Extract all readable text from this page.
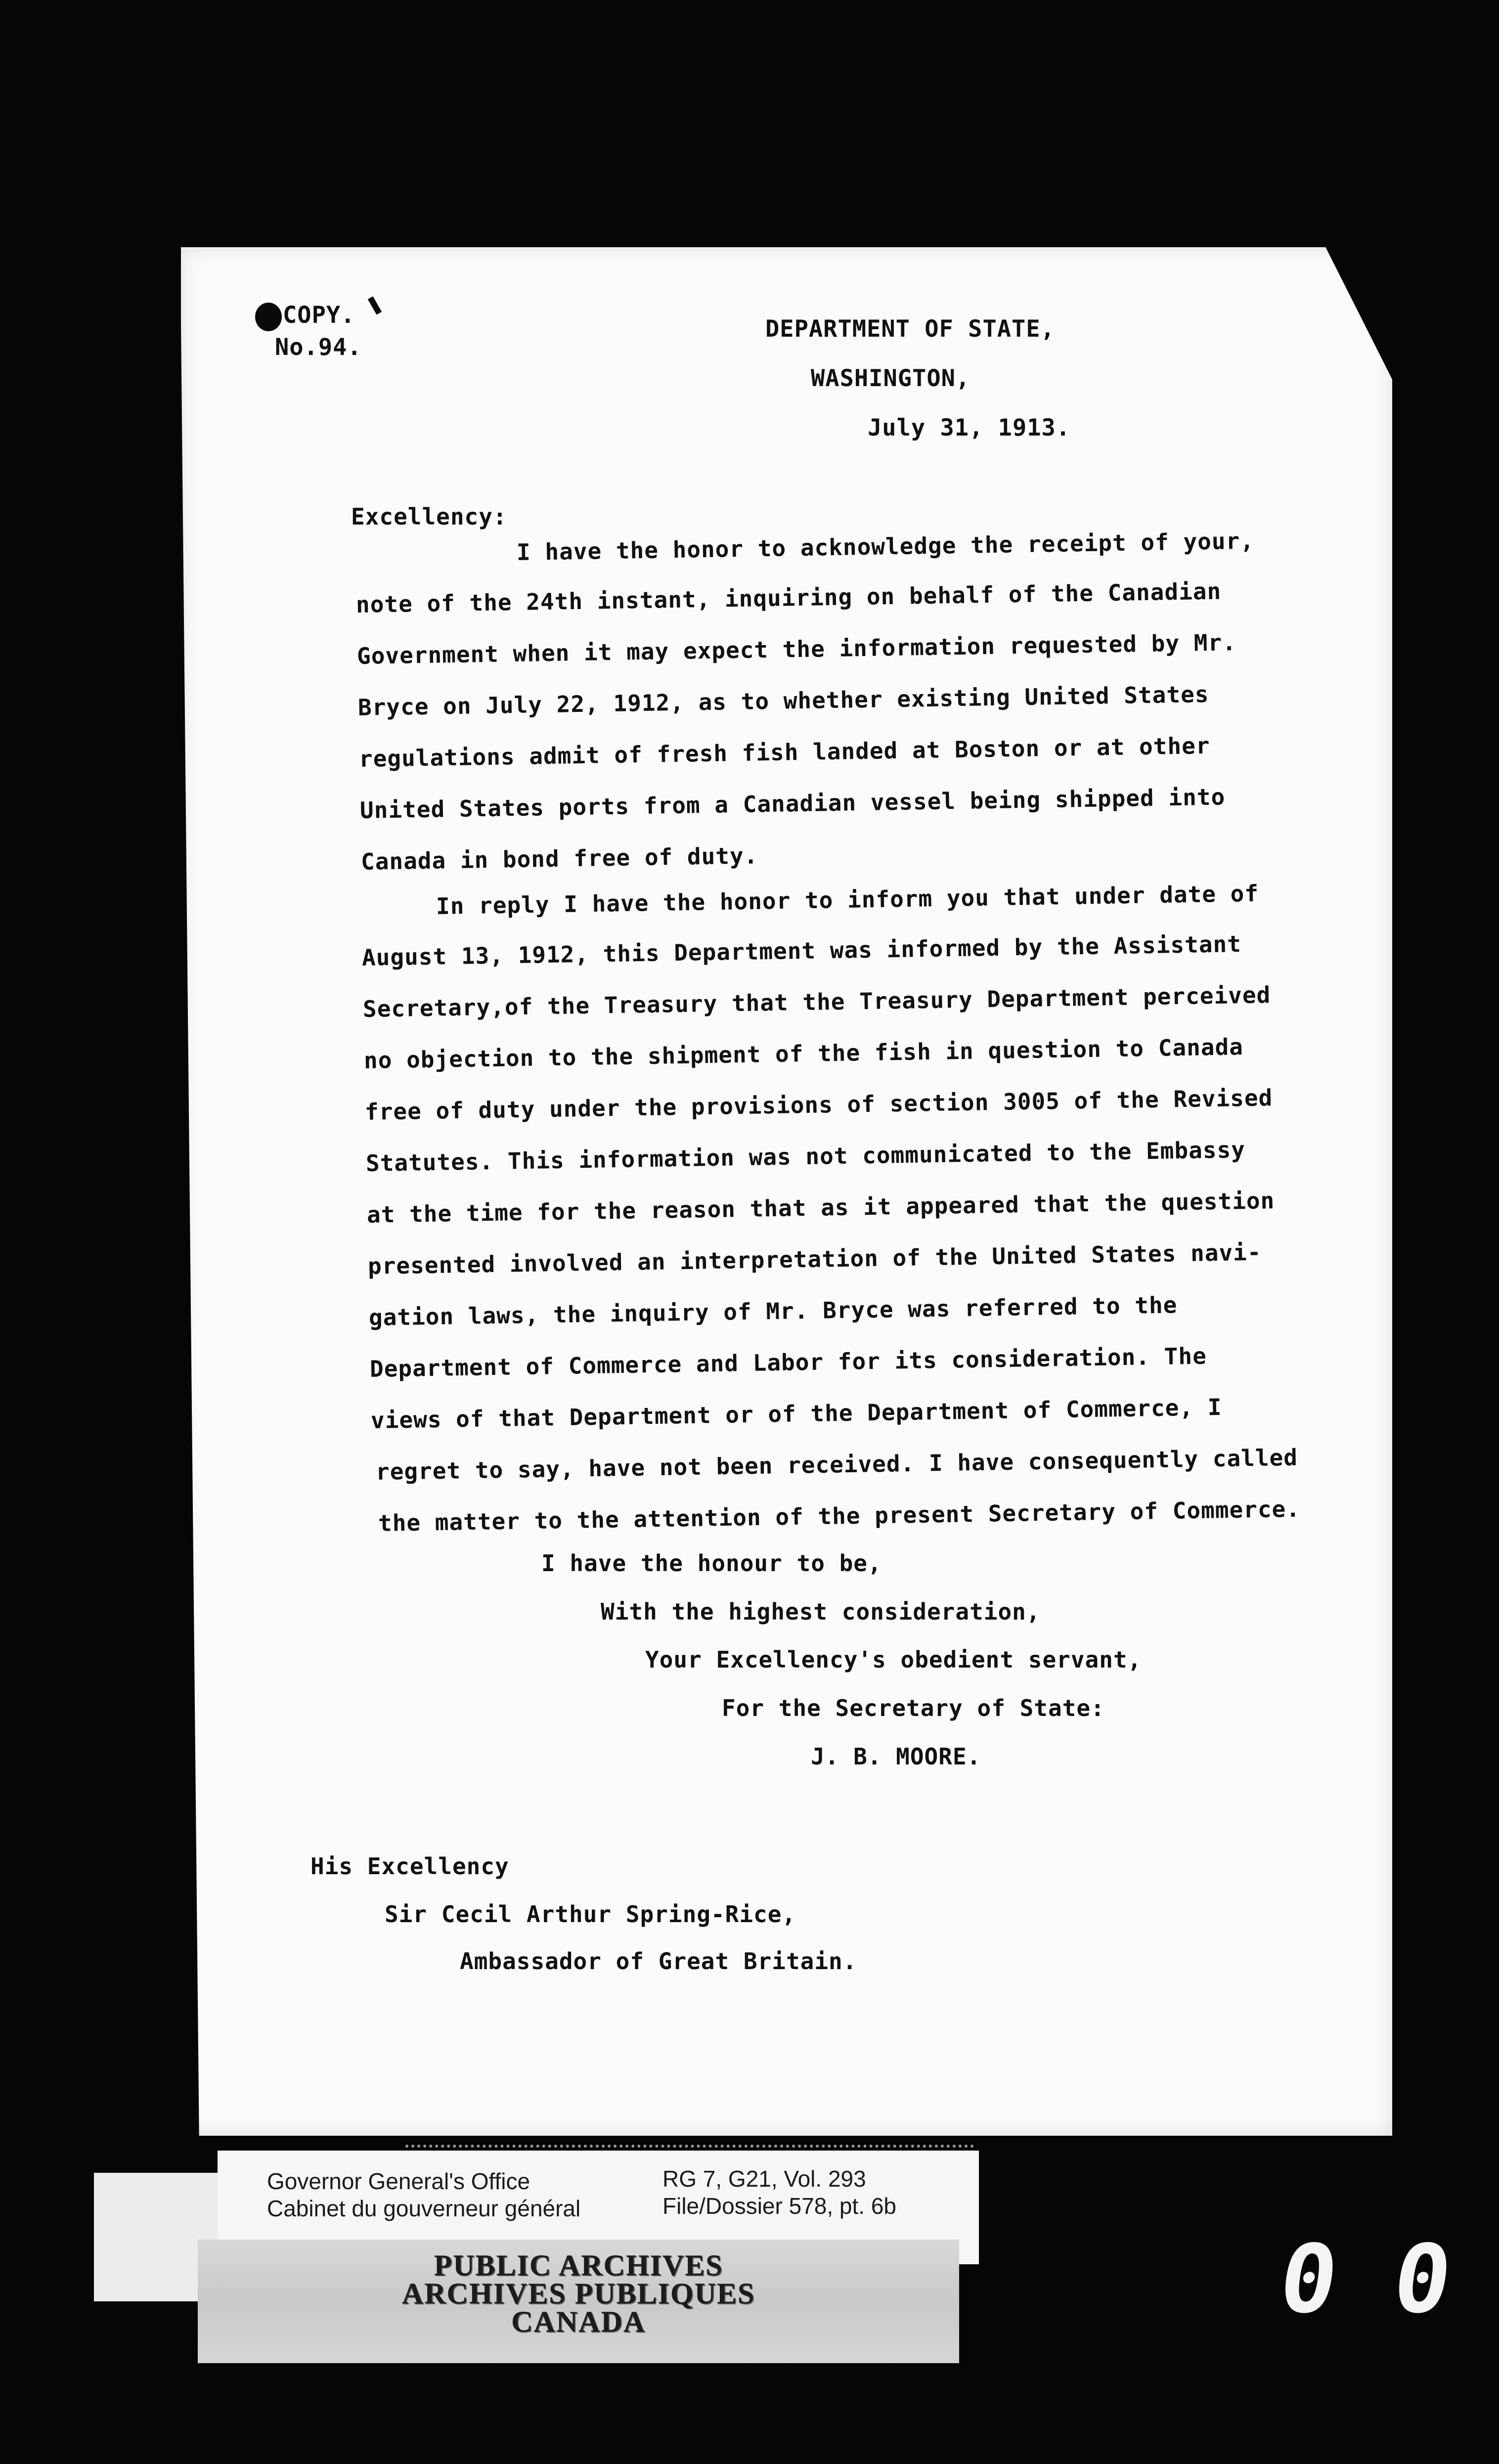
COPY.
No.94.
DEPARTMENT OF STATE,
WASHINGTON,
July 31, 1913.
Excellency:
I have the honor to acknowledge the receipt of your,
note of the 24th instant, inquiring on behalf of the Canadian
Government when it may expect the information requested by Mr.
Bryce on July 22, 1912, as to whether existing United States
regulations admit of fresh fish landed at Boston or at other
United States ports from a Canadian vessel being shipped into
Canada in bond free of duty.
In reply I have the honor to inform you that under date of
August 13, 1912, this Department was informed by the Assistant
Secretary,of the Treasury that the Treasury Department perceived
no objection to the shipment of the fish in question to Canada
free of duty under the provisions of section 3005 of the Revised
Statutes. This information was not communicated to the Embassy
at the time for the reason that as it appeared that the question
presented involved an interpretation of the United States navi-
gation laws, the inquiry of Mr. Bryce was referred to the
Department of Commerce and Labor for its consideration. The
views of that Department or of the Department of Commerce, I
regret to say, have not been received. I have consequently called
the matter to the attention of the present Secretary of Commerce.
I have the honour to be,
With the highest consideration,
Your Excellency's obedient servant,
For the Secretary of State:
J. B. MOORE.
His Excellency
Sir Cecil Arthur Spring-Rice,
Ambassador of Great Britain.
Governor General's Office
Cabinet du gouverneur général
RG 7, G21, Vol. 293
File/Dossier 578, pt. 6b
PUBLIC ARCHIVES
ARCHIVES PUBLIQUES
CANADA	0 0
